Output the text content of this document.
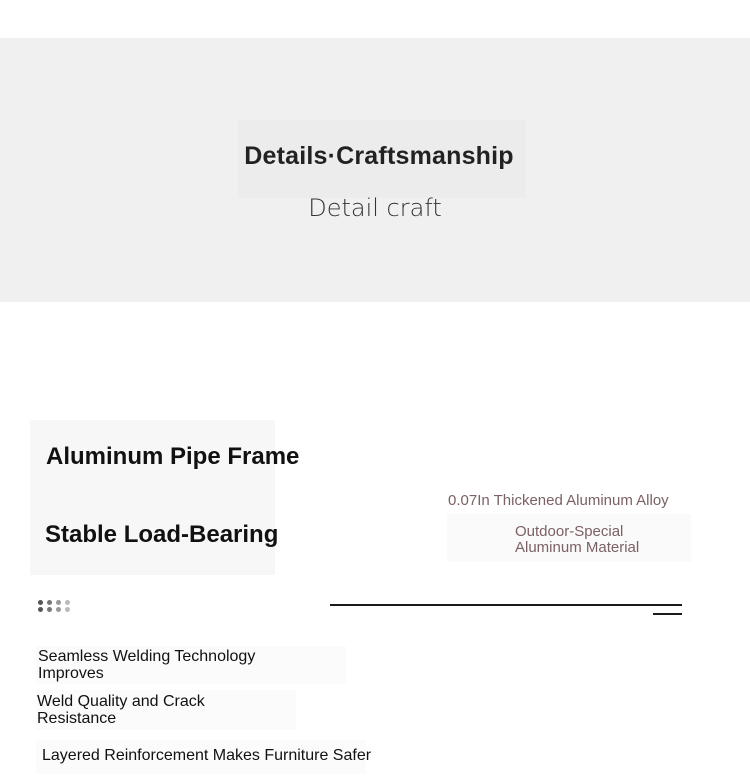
Details·Craftsmanship
Detail craft
Aluminum Pipe Frame
Stable Load-Bearing
0.07In Thickened Aluminum Alloy
Outdoor-Special Aluminum Material
Seamless Welding Technology Improves
Weld Quality and Crack Resistance
Layered Reinforcement Makes Furniture Safer
